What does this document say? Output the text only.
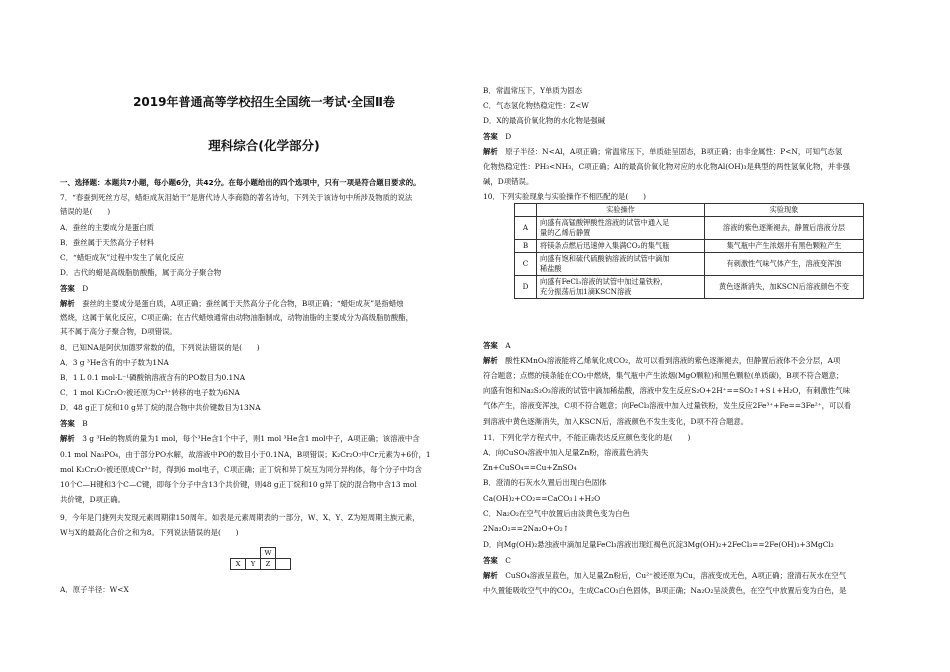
2019年普通高等学校招生全国统一考试·全国Ⅱ卷
理科综合(化学部分)
一、选择题：本题共7小题，每小题6分，共42分。在每小题给出的四个选项中，只有一项是符合题目要求的。
7．“春蚕到死丝方尽，蜡炬成灰泪始干”是唐代诗人李商隐的著名诗句，下列关于该诗句中所涉及物质的说法
错误的是(　　)
A．蚕丝的主要成分是蛋白质
B．蚕丝属于天然高分子材料
C．“蜡炬成灰”过程中发生了氧化反应
D．古代的蜡是高级脂肪酸酯，属于高分子聚合物
答案　 D
解析　 蚕丝的主要成分是蛋白质，A项正确；蚕丝属于天然高分子化合物，B项正确；“蜡炬成灰”是指蜡烛
燃烧，这属于氧化反应，C项正确；在古代蜡烛通常由动物油脂制成，动物油脂的主要成分为高级脂肪酸酯，
其不属于高分子聚合物，D项错误。
8．已知NA是阿伏加德罗常数的值，下列说法错误的是(　　)
A．3 g ³He含有的中子数为1NA
B．1 L 0.1 mol·L⁻¹磷酸钠溶液含有的PO数目为0.1NA
C．1 mol K₂Cr₂O₇被还原为Cr³⁺转移的电子数为6NA
D．48 g正丁烷和10 g异丁烷的混合物中共价键数目为13NA
答案　 B
解析　 3 g ³He的物质的量为1 mol，每个³He含1个中子，则1 mol ³He含1 mol中子，A项正确；该溶液中含
0.1 mol Na₃PO₄，由于部分PO水解，故溶液中PO的数目小于0.1NA，B项错误；K₂Cr₂O₇中Cr元素为+6价，1
mol K₂Cr₂O₇被还原成Cr³⁺时，得到6 mol电子，C项正确；正丁烷和异丁烷互为同分异构体，每个分子中均含
10个C—H键和3个C—C键，即每个分子中含13个共价键，则48 g正丁烷和10 g异丁烷的混合物中含13 mol
共价键，D项正确。
9．今年是门捷列夫发现元素周期律150周年。如表是元素周期表的一部分，W、X、Y、Z为短周期主族元素，
W与X的最高化合价之和为8。下列说法错误的是(　　)
		W	
X	Y	Z	
A．原子半径：W<X
B．常温常压下，Y单质为固态
C．气态氢化物热稳定性：Z<W
D．X的最高价氧化物的水化物是强碱
答案　 D
解析　 原子半径：N<Al，A项正确；常温常压下，单质硅呈固态，B项正确；由非金属性：P<N，可知气态氢
化物热稳定性：PH₃<NH₃，C项正确；Al的最高价氧化物对应的水化物Al(OH)₃是典型的两性氢氧化物，并非强
碱，D项错误。
10．下列实验现象与实验操作不相匹配的是(　　)
	实验操作	实验现象
A	向盛有高锰酸钾酸性溶液的试管中通入足
量的乙烯后静置	溶液的紫色逐渐褪去，静置后溶液分层
B	将镁条点燃后迅速伸入集满CO₂的集气瓶	集气瓶中产生浓烟并有黑色颗粒产生
C	向盛有饱和硫代硫酸钠溶液的试管中滴加
稀盐酸	有刺激性气味气体产生，溶液变浑浊
D	向盛有FeCl₃溶液的试管中加过量铁粉，
充分振荡后加1滴KSCN溶液	黄色逐渐消失，加KSCN后溶液颜色不变
答案　 A
解析　 酸性KMnO₄溶液能将乙烯氧化成CO₂，故可以看到溶液的紫色逐渐褪去，但静置后液体不会分层，A项
符合题意；点燃的镁条能在CO₂中燃烧，集气瓶中产生浓烟(MgO颗粒)和黑色颗粒(单质碳)，B项不符合题意；
向盛有饱和Na₂S₂O₃溶液的试管中滴加稀盐酸，溶液中发生反应S₂O+2H⁺==SO₂↑+S↓+H₂O，有刺激性气味
气体产生，溶液变浑浊，C项不符合题意；向FeCl₃溶液中加入过量铁粉，发生反应2Fe³⁺+Fe==3Fe²⁺，可以看
到溶液中黄色逐渐消失，加入KSCN后，溶液颜色不发生变化，D项不符合题意。
11．下列化学方程式中，不能正确表达反应颜色变化的是(　　)
A．向CuSO₄溶液中加入足量Zn粉，溶液蓝色消失
Zn+CuSO₄==Cu+ZnSO₄
B．澄清的石灰水久置后出现白色固体
Ca(OH)₂+CO₂==CaCO₃↓+H₂O
C．Na₂O₂在空气中放置后由淡黄色变为白色
2Na₂O₂==2Na₂O+O₂↑
D．向Mg(OH)₂悬浊液中滴加足量FeCl₃溶液出现红褐色沉淀3Mg(OH)₂+2FeCl₃==2Fe(OH)₃+3MgCl₂
答案　 C
解析　 CuSO₄溶液呈蓝色，加入足量Zn粉后，Cu²⁺被还原为Cu，溶液变成无色，A项正确；澄清石灰水在空气
中久置能吸收空气中的CO₂，生成CaCO₃白色固体，B项正确；Na₂O₂呈淡黄色，在空气中放置后变为白色，是
